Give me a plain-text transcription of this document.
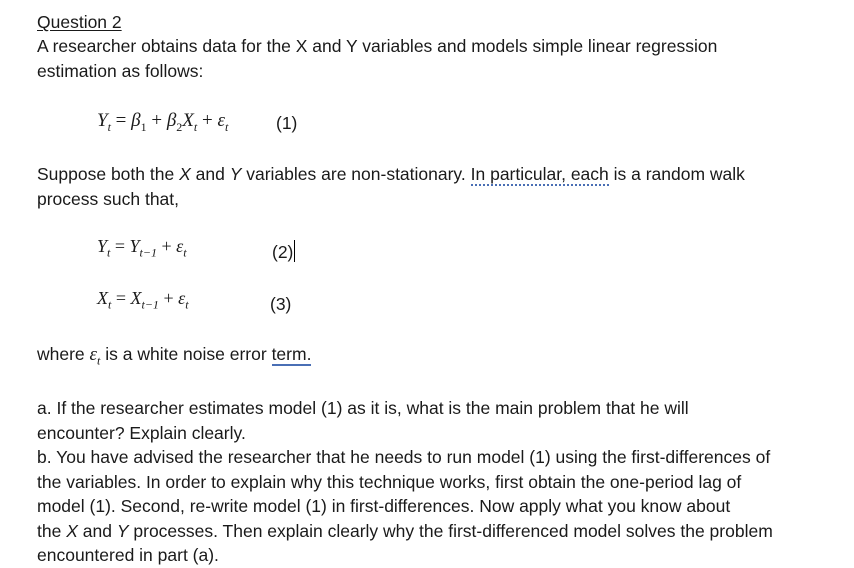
Question 2
A researcher obtains data for the X and Y variables and models simple linear regression
estimation as follows:
$Y_t = \beta_1 + \beta_2X_t + \varepsilon_t$	(1)
Suppose both the X and Y variables are non-stationary. In particular, each is a random walk
process such that,
$Y_t = Y_{t-1} + \varepsilon_t$	(2)
$X_t = X_{t-1} + \varepsilon_t$	(3)
where $\varepsilon_t$ is a white noise error term.
a. If the researcher estimates model (1) as it is, what is the main problem that he will
encounter? Explain clearly.
b. You have advised the researcher that he needs to run model (1) using the first-differences of
the variables. In order to explain why this technique works, first obtain the one-period lag of
model (1). Second, re-write model (1) in first-differences. Now apply what you know about
the X and Y processes. Then explain clearly why the first-differenced model solves the problem
encountered in part (a).
